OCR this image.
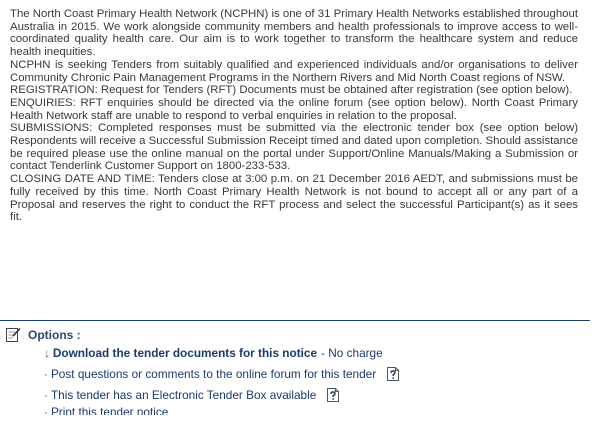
The North Coast Primary Health Network (NCPHN) is one of 31 Primary Health Networks established throughout Australia in 2015. We work alongside community members and health professionals to improve access to well-coordinated quality health care. Our aim is to work together to transform the healthcare system and reduce health inequities.

NCPHN is seeking Tenders from suitably qualified and experienced individuals and/or organisations to deliver Community Chronic Pain Management Programs in the Northern Rivers and Mid North Coast regions of NSW.

REGISTRATION: Request for Tenders (RFT) Documents must be obtained after registration (see option below).

ENQUIRIES: RFT enquiries should be directed via the online forum (see option below). North Coast Primary Health Network staff are unable to respond to verbal enquiries in relation to the proposal.

SUBMISSIONS: Completed responses must be submitted via the electronic tender box (see option below) Respondents will receive a Successful Submission Receipt timed and dated upon completion. Should assistance be required please use the online manual on the portal under Support/Online Manuals/Making a Submission or contact Tenderlink Customer Support on 1800-233-533.

CLOSING DATE AND TIME: Tenders close at 3:00 p.m. on 21 December 2016 AEDT, and submissions must be fully received by this time. North Coast Primary Health Network is not bound to accept all or any part of a Proposal and reserves the right to conduct the RFT process and select the successful Participant(s) as it sees fit.

Options :
↓ Download the tender documents for this notice - No charge
· Post questions or comments to the online forum for this tender
· This tender has an Electronic Tender Box available
· Print this tender notice
